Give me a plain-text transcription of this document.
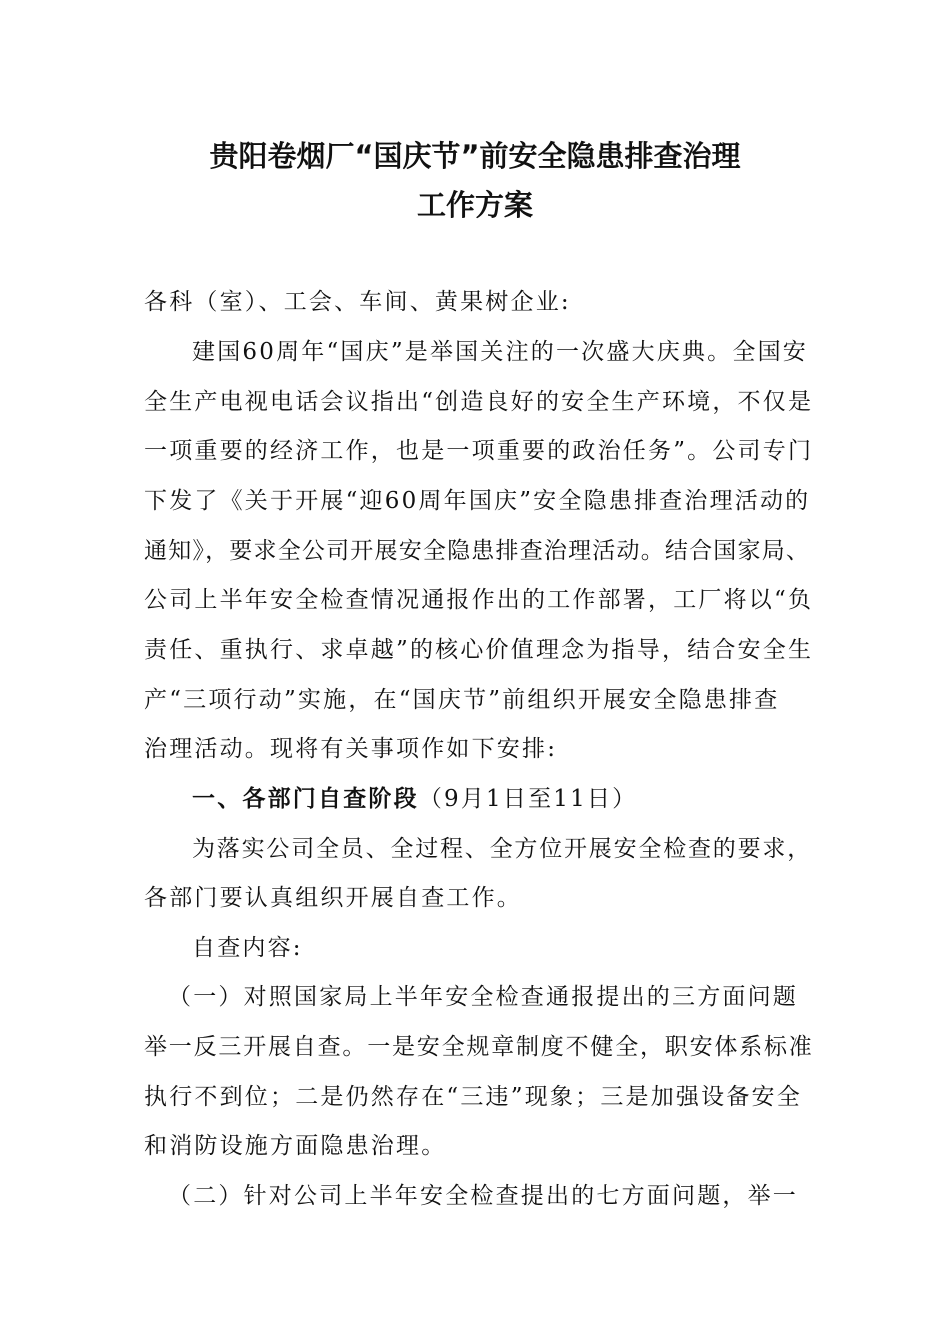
贵阳卷烟厂“国庆节”前安全隐患排查治理
工作方案
各科（室）、工会、车间、黄果树企业:
建国60周年“国庆”是举国关注的一次盛大庆典。全国安
全生产电视电话会议指出“创造良好的安全生产环境，不仅是
一项重要的经济工作，也是一项重要的政治任务”。公司专门
下发了《关于开展“迎60周年国庆”安全隐患排查治理活动的
通知》，要求全公司开展安全隐患排查治理活动。结合国家局、
公司上半年安全检查情况通报作出的工作部署，工厂将以“负
责任、重执行、求卓越”的核心价值理念为指导，结合安全生
产“三项行动”实施，在“国庆节”前组织开展安全隐患排查
治理活动。现将有关事项作如下安排:
一、各部门自查阶段（9月1日至11日）
为落实公司全员、全过程、全方位开展安全检查的要求，
各部门要认真组织开展自查工作。
自查内容:
（一）对照国家局上半年安全检查通报提出的三方面问题
举一反三开展自查。一是安全规章制度不健全，职安体系标准
执行不到位；二是仍然存在“三违”现象；三是加强设备安全
和消防设施方面隐患治理。
（二）针对公司上半年安全检查提出的七方面问题，举一
